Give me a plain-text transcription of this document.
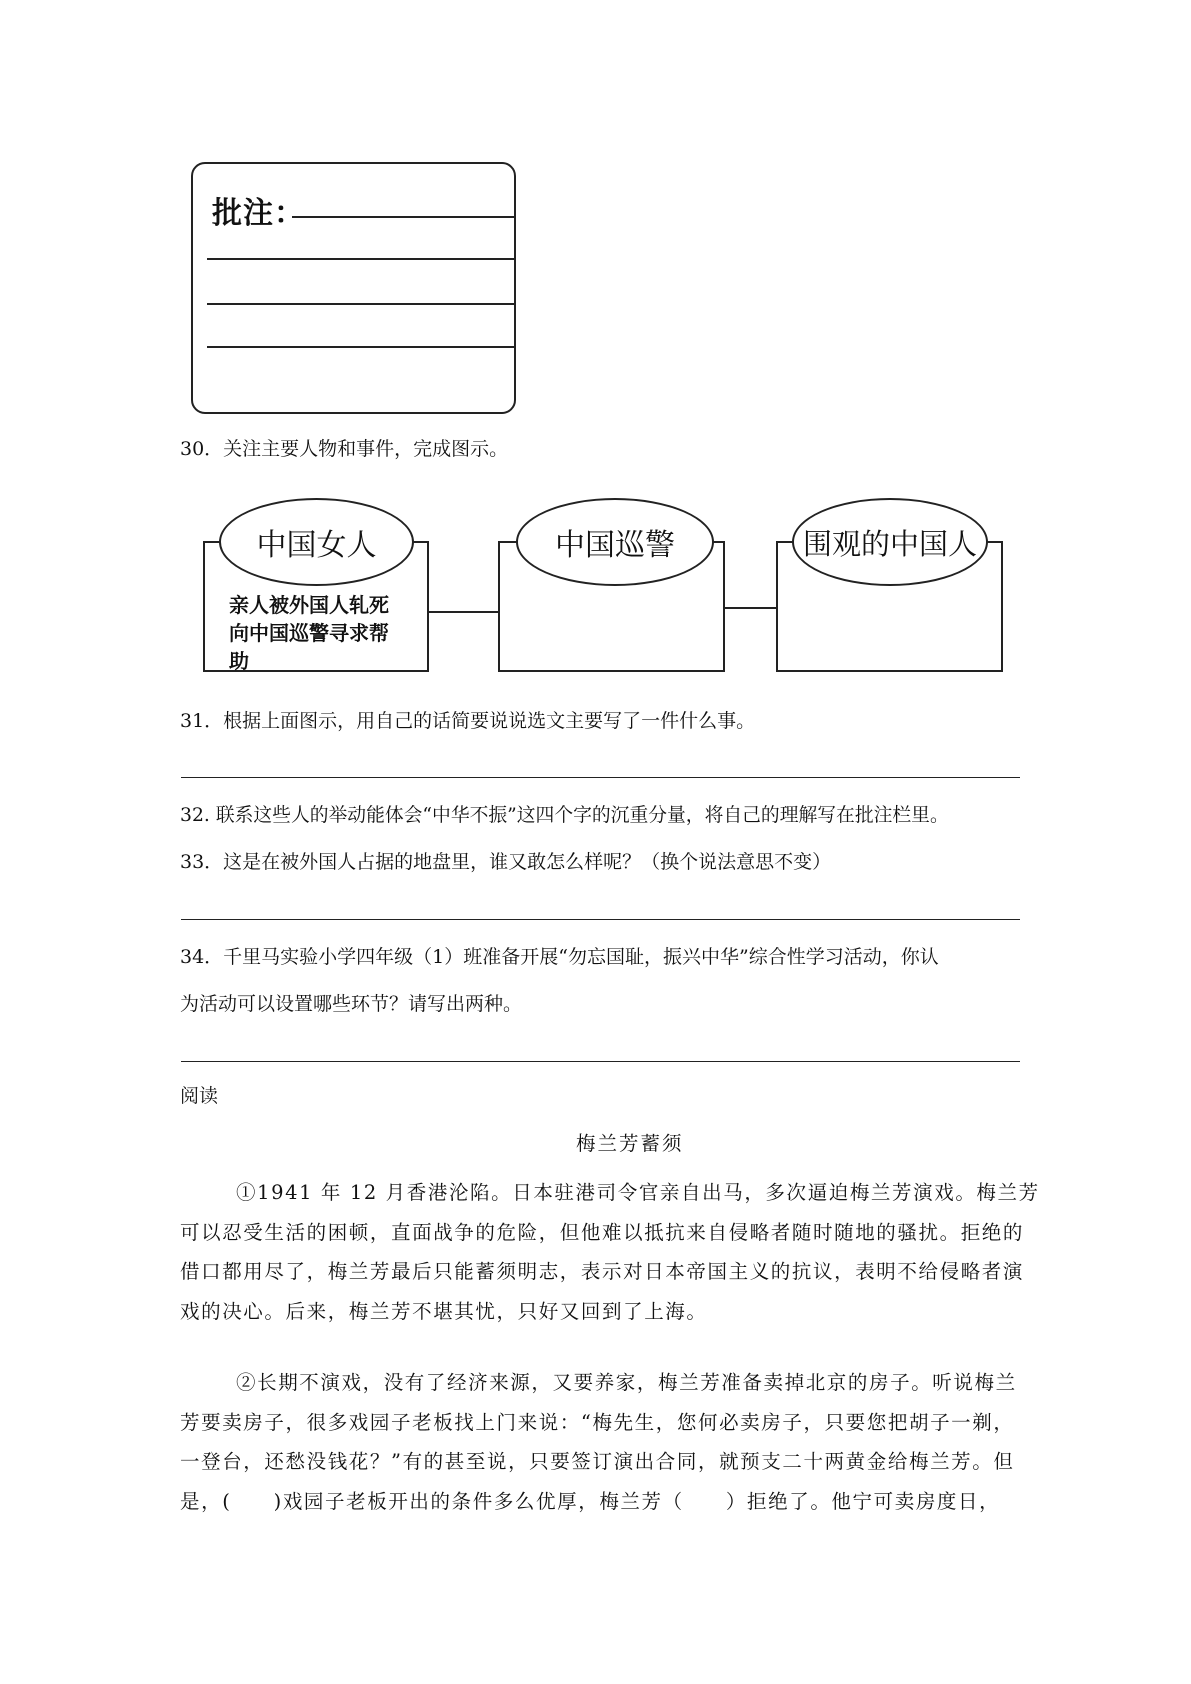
批注：
30．关注主要人物和事件，完成图示。
亲人被外国人轧死
向中国巡警寻求帮
助
中国女人	中国巡警	围观的中国人
31．根据上面图示，用自己的话简要说说选文主要写了一件什么事。
32. 联系这些人的举动能体会“中华不振”这四个字的沉重分量，将自己的理解写在批注栏里。
33．这是在被外国人占据的地盘里，谁又敢怎么样呢？（换个说法意思不变）
34．千里马实验小学四年级（1）班准备开展“勿忘国耻，振兴中华”综合性学习活动，你认
为活动可以设置哪些环节？请写出两种。
阅读
梅兰芳蓄须
①1941 年 12 月香港沦陷。日本驻港司令官亲自出马，多次逼迫梅兰芳演戏。梅兰芳
可以忍受生活的困顿，直面战争的危险，但他难以抵抗来自侵略者随时随地的骚扰。拒绝的
借口都用尽了，梅兰芳最后只能蓄须明志，表示对日本帝国主义的抗议，表明不给侵略者演
戏的决心。后来，梅兰芳不堪其忧，只好又回到了上海。
②长期不演戏，没有了经济来源，又要养家，梅兰芳准备卖掉北京的房子。听说梅兰
芳要卖房子，很多戏园子老板找上门来说：“梅先生，您何必卖房子，只要您把胡子一剃，
一登台，还愁没钱花？”有的甚至说，只要签订演出合同，就预支二十两黄金给梅兰芳。但
是，(　　)戏园子老板开出的条件多么优厚，梅兰芳（　　）拒绝了。他宁可卖房度日，
